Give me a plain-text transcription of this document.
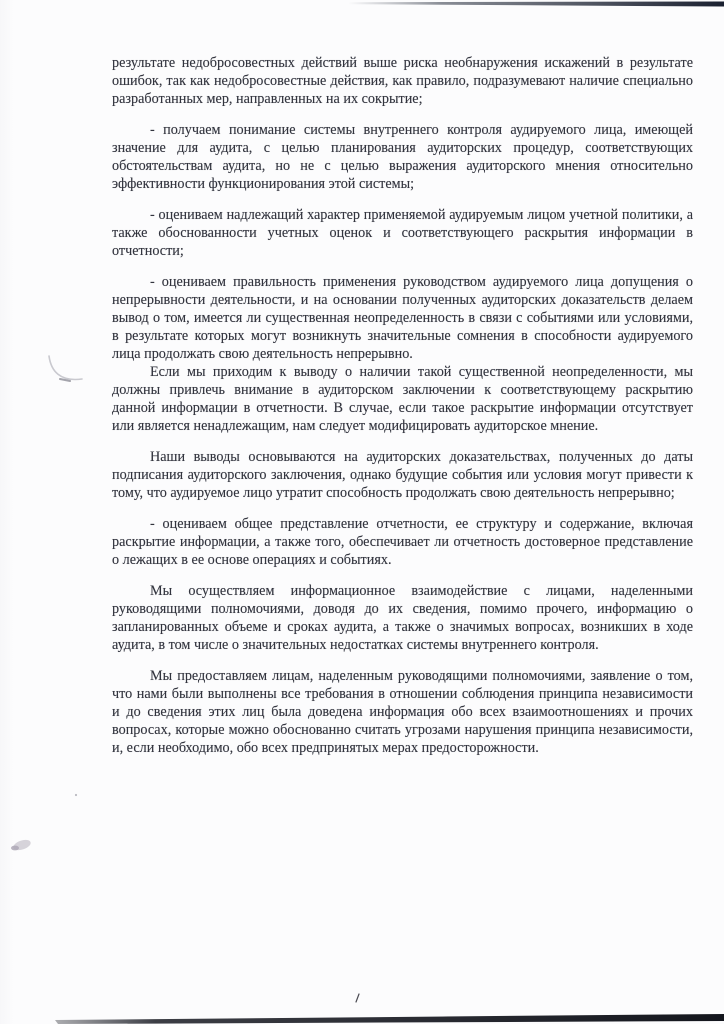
результате недобросовестных действий выше риска необнаружения искажений в результате ошибок, так как недобросовестные действия, как правило, подразумевают наличие специально разработанных мер, направленных на их сокрытие;

- получаем понимание системы внутреннего контроля аудируемого лица, имеющей значение для аудита, с целью планирования аудиторских процедур, соответствующих обстоятельствам аудита, но не с целью выражения аудиторского мнения относительно эффективности функционирования этой системы;

- оцениваем надлежащий характер применяемой аудируемым лицом учетной политики, а также обоснованности учетных оценок и соответствующего раскрытия информации в отчетности;

- оцениваем правильность применения руководством аудируемого лица допущения о непрерывности деятельности, и на основании полученных аудиторских доказательств делаем вывод о том, имеется ли существенная неопределенность в связи с событиями или условиями, в результате которых могут возникнуть значительные сомнения в способности аудируемого лица продолжать свою деятельность непрерывно.

Если мы приходим к выводу о наличии такой существенной неопределенности, мы должны привлечь внимание в аудиторском заключении к соответствующему раскрытию данной информации в отчетности. В случае, если такое раскрытие информации отсутствует или является ненадлежащим, нам следует модифицировать аудиторское мнение.

Наши выводы основываются на аудиторских доказательствах, полученных до даты подписания аудиторского заключения, однако будущие события или условия могут привести к тому, что аудируемое лицо утратит способность продолжать свою деятельность непрерывно;

- оцениваем общее представление отчетности, ее структуру и содержание, включая раскрытие информации, а также того, обеспечивает ли отчетность достоверное представление о лежащих в ее основе операциях и событиях.

Мы осуществляем информационное взаимодействие с лицами, наделенными руководящими полномочиями, доводя до их сведения, помимо прочего, информацию о запланированных объеме и сроках аудита, а также о значимых вопросах, возникших в ходе аудита, в том числе о значительных недостатках системы внутреннего контроля.

Мы предоставляем лицам, наделенным руководящими полномочиями, заявление о том, что нами были выполнены все требования в отношении соблюдения принципа независимости и до сведения этих лиц была доведена информация обо всех взаимоотношениях и прочих вопросах, которые можно обоснованно считать угрозами нарушения принципа независимости, и, если необходимо, обо всех предпринятых мерах предосторожности.
